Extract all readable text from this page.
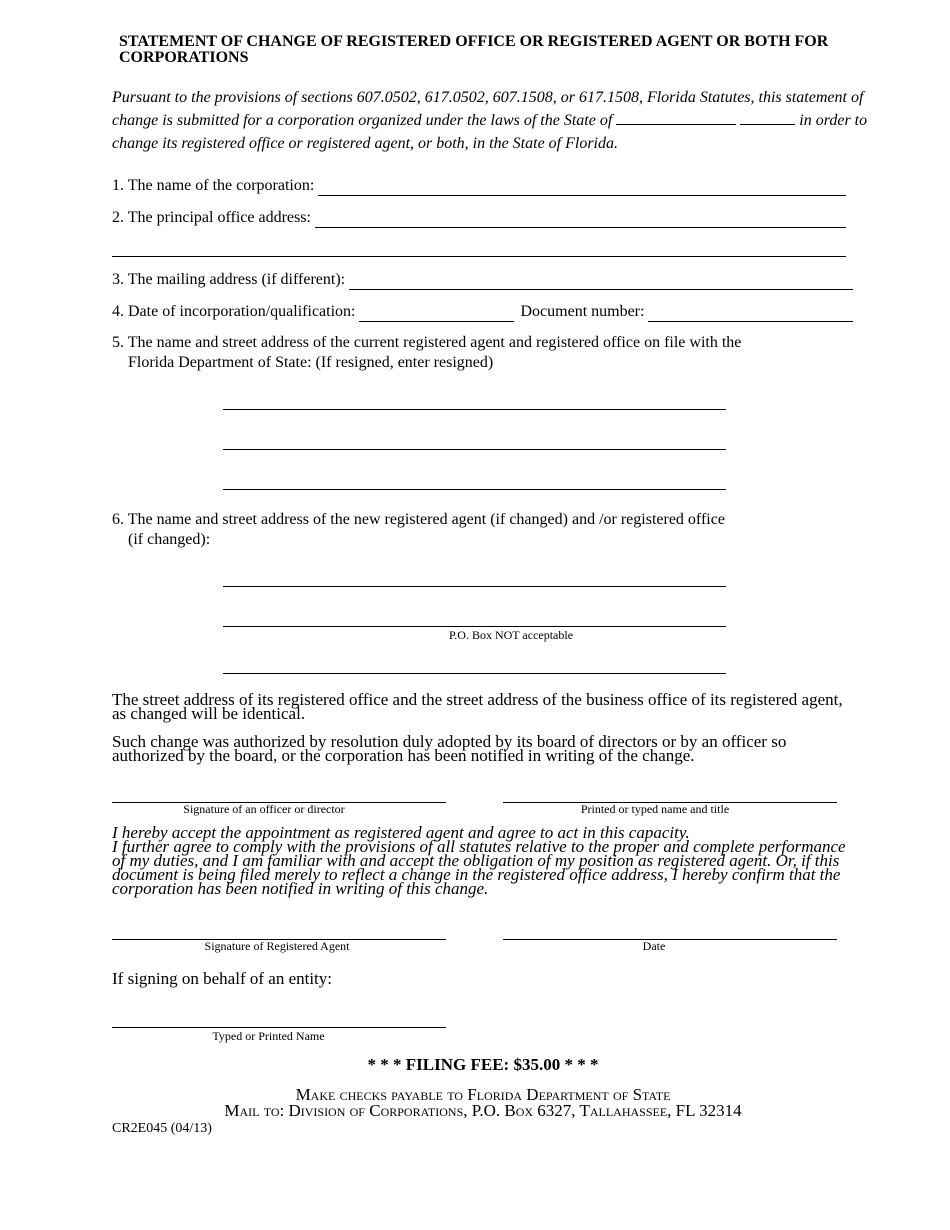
STATEMENT OF CHANGE OF REGISTERED OFFICE OR REGISTERED AGENT OR BOTH FOR CORPORATIONS
Pursuant to the provisions of sections 607.0502, 617.0502, 607.1508, or 617.1508, Florida Statutes, this statement of change is submitted for a corporation organized under the laws of the State of	in order to change its registered office or registered agent, or both, in the State of Florida.
1. The name of the corporation:
2. The principal office address:
3. The mailing address (if different):
4. Date of incorporation/qualification:	Document number:
5. The name and street address of the current registered agent and registered office on file with the
Florida Department of State: (If resigned, enter resigned)
6. The name and street address of the new registered agent (if changed) and /or registered office
(if changed):
P.O. Box NOT acceptable
The street address of its registered office and the street address of the business office of its registered agent, as changed will be identical.
Such change was authorized by resolution duly adopted by its board of directors or by an officer so authorized by the board, or the corporation has been notified in writing of the change.
Signature of an officer or director	Printed or typed name and title
I hereby accept the appointment as registered agent and agree to act in this capacity.
I further agree to comply with the provisions of all statutes relative to the proper and complete performance of my duties, and I am familiar with and accept the obligation of my position as registered agent. Or, if this document is being filed merely to reflect a change in the registered office address, I hereby confirm that the corporation has been notified in writing of this change.
Signature of Registered Agent	Date
If signing on behalf of an entity:
Typed or Printed Name
* * * FILING FEE: $35.00 * * *
Make checks payable to Florida Department of State
Mail to: Division of Corporations, P.O. Box 6327, Tallahassee, FL 32314
CR2E045 (04/13)
